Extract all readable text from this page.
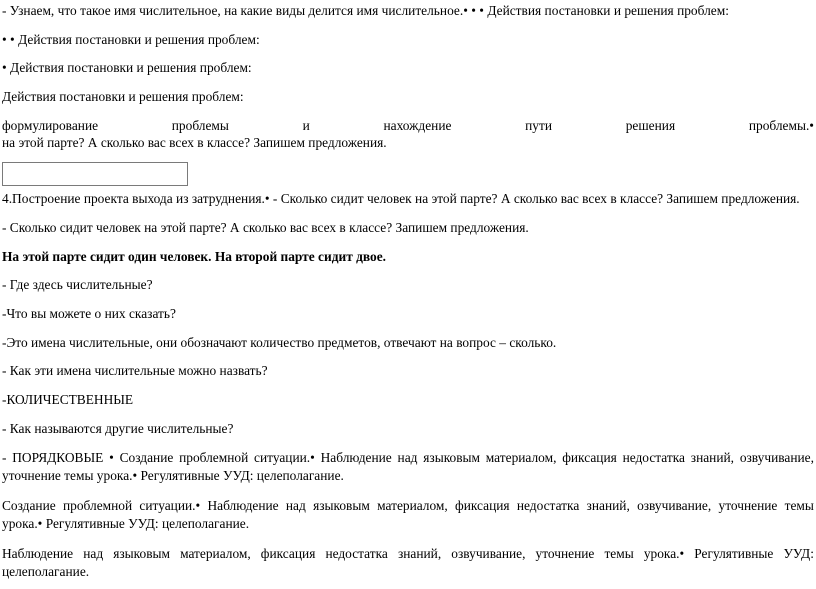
- Узнаем, что такое имя числительное, на какие виды делится имя числительное.• • • Действия постановки и решения проблем:
• • Действия постановки и решения проблем:
• Действия постановки и решения проблем:
Действия постановки и решения проблем:
формулирование	проблемы	и	нахождение	пути	решения	проблемы.•
на этой парте? А сколько вас всех в классе? Запишем предложения.
4.Построение проекта выхода из затруднения.• - Сколько сидит человек на этой парте? А сколько вас всех в классе? Запишем предложения.
- Сколько сидит человек на этой парте? А сколько вас всех в классе? Запишем предложения.
На этой парте сидит один человек. На второй парте сидит двое.
- Где здесь числительные?
-Что вы можете о них сказать?
-Это имена числительные, они обозначают количество предметов, отвечают на вопрос – сколько.
- Как эти имена числительные можно назвать?
-КОЛИЧЕСТВЕННЫЕ
- Как называются другие числительные?
- ПОРЯДКОВЫЕ • Создание проблемной ситуации.• Наблюдение над языковым материалом, фиксация недостатка знаний, озвучивание,
уточнение темы урока.• Регулятивные УУД: целеполагание.
Создание проблемной ситуации.• Наблюдение над языковым материалом, фиксация недостатка знаний, озвучивание, уточнение темы
урока.• Регулятивные УУД: целеполагание.
Наблюдение над языковым материалом, фиксация недостатка знаний, озвучивание, уточнение темы урока.• Регулятивные УУД:
целеполагание.
